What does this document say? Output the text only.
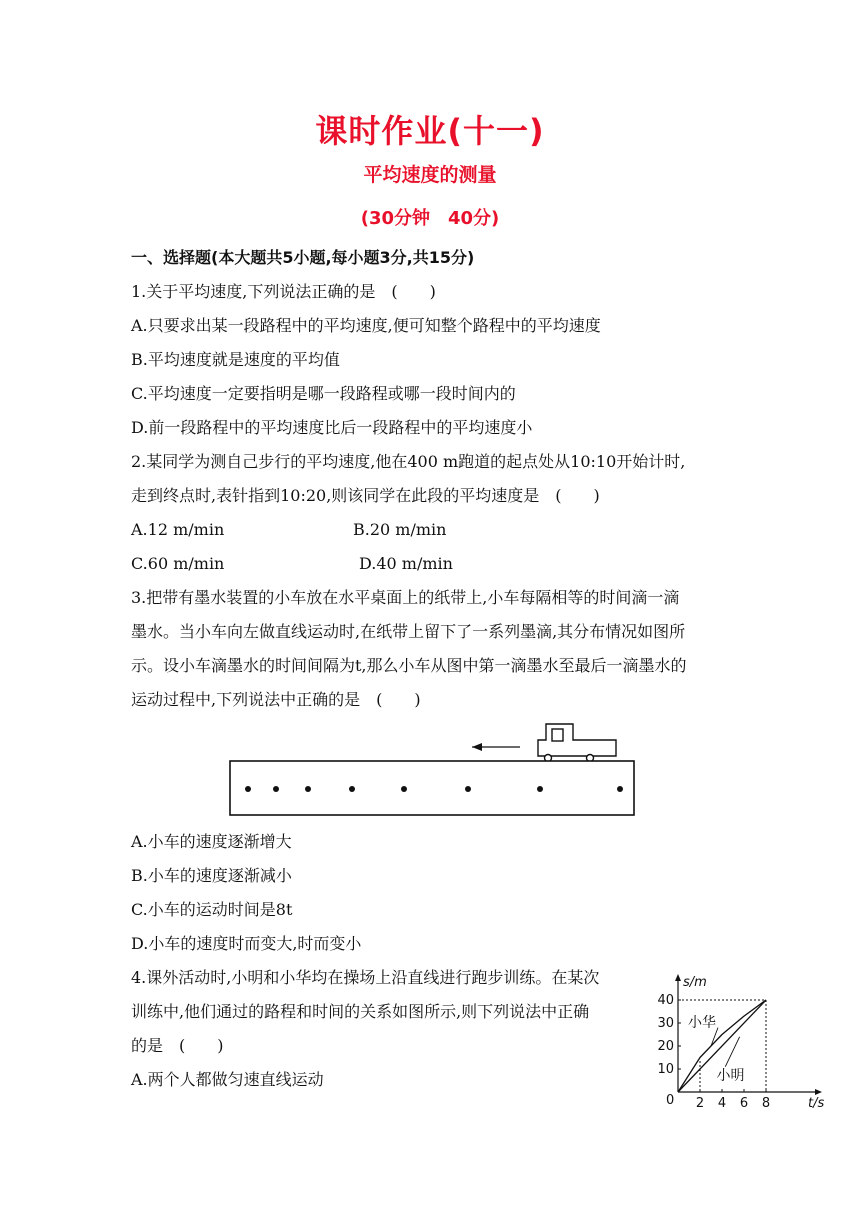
课时作业(十一)
平均速度的测量
(30分钟　40分)
一、选择题(本大题共5小题,每小题3分,共15分)
1.关于平均速度,下列说法正确的是　(　　)
A.只要求出某一段路程中的平均速度,便可知整个路程中的平均速度
B.平均速度就是速度的平均值
C.平均速度一定要指明是哪一段路程或哪一段时间内的
D.前一段路程中的平均速度比后一段路程中的平均速度小
2.某同学为测自己步行的平均速度,他在400 m跑道的起点处从10:10开始计时,
走到终点时,表针指到10:20,则该同学在此段的平均速度是　(　　)
A.12 m/min	B.20 m/min
C.60 m/min	D.40 m/min
3.把带有墨水装置的小车放在水平桌面上的纸带上,小车每隔相等的时间滴一滴
墨水。当小车向左做直线运动时,在纸带上留下了一系列墨滴,其分布情况如图所
示。设小车滴墨水的时间间隔为t,那么小车从图中第一滴墨水至最后一滴墨水的
运动过程中,下列说法中正确的是　(　　)
A.小车的速度逐渐增大
B.小车的速度逐渐减小
C.小车的运动时间是8t
D.小车的速度时而变大,时而变小
4.课外活动时,小明和小华均在操场上沿直线进行跑步训练。在某次
训练中,他们通过的路程和时间的关系如图所示,则下列说法中正确
的是　(　　)
A.两个人都做匀速直线运动
s/m
t/s
0
10
20
30
40
2 4 6 8
小华
小明
